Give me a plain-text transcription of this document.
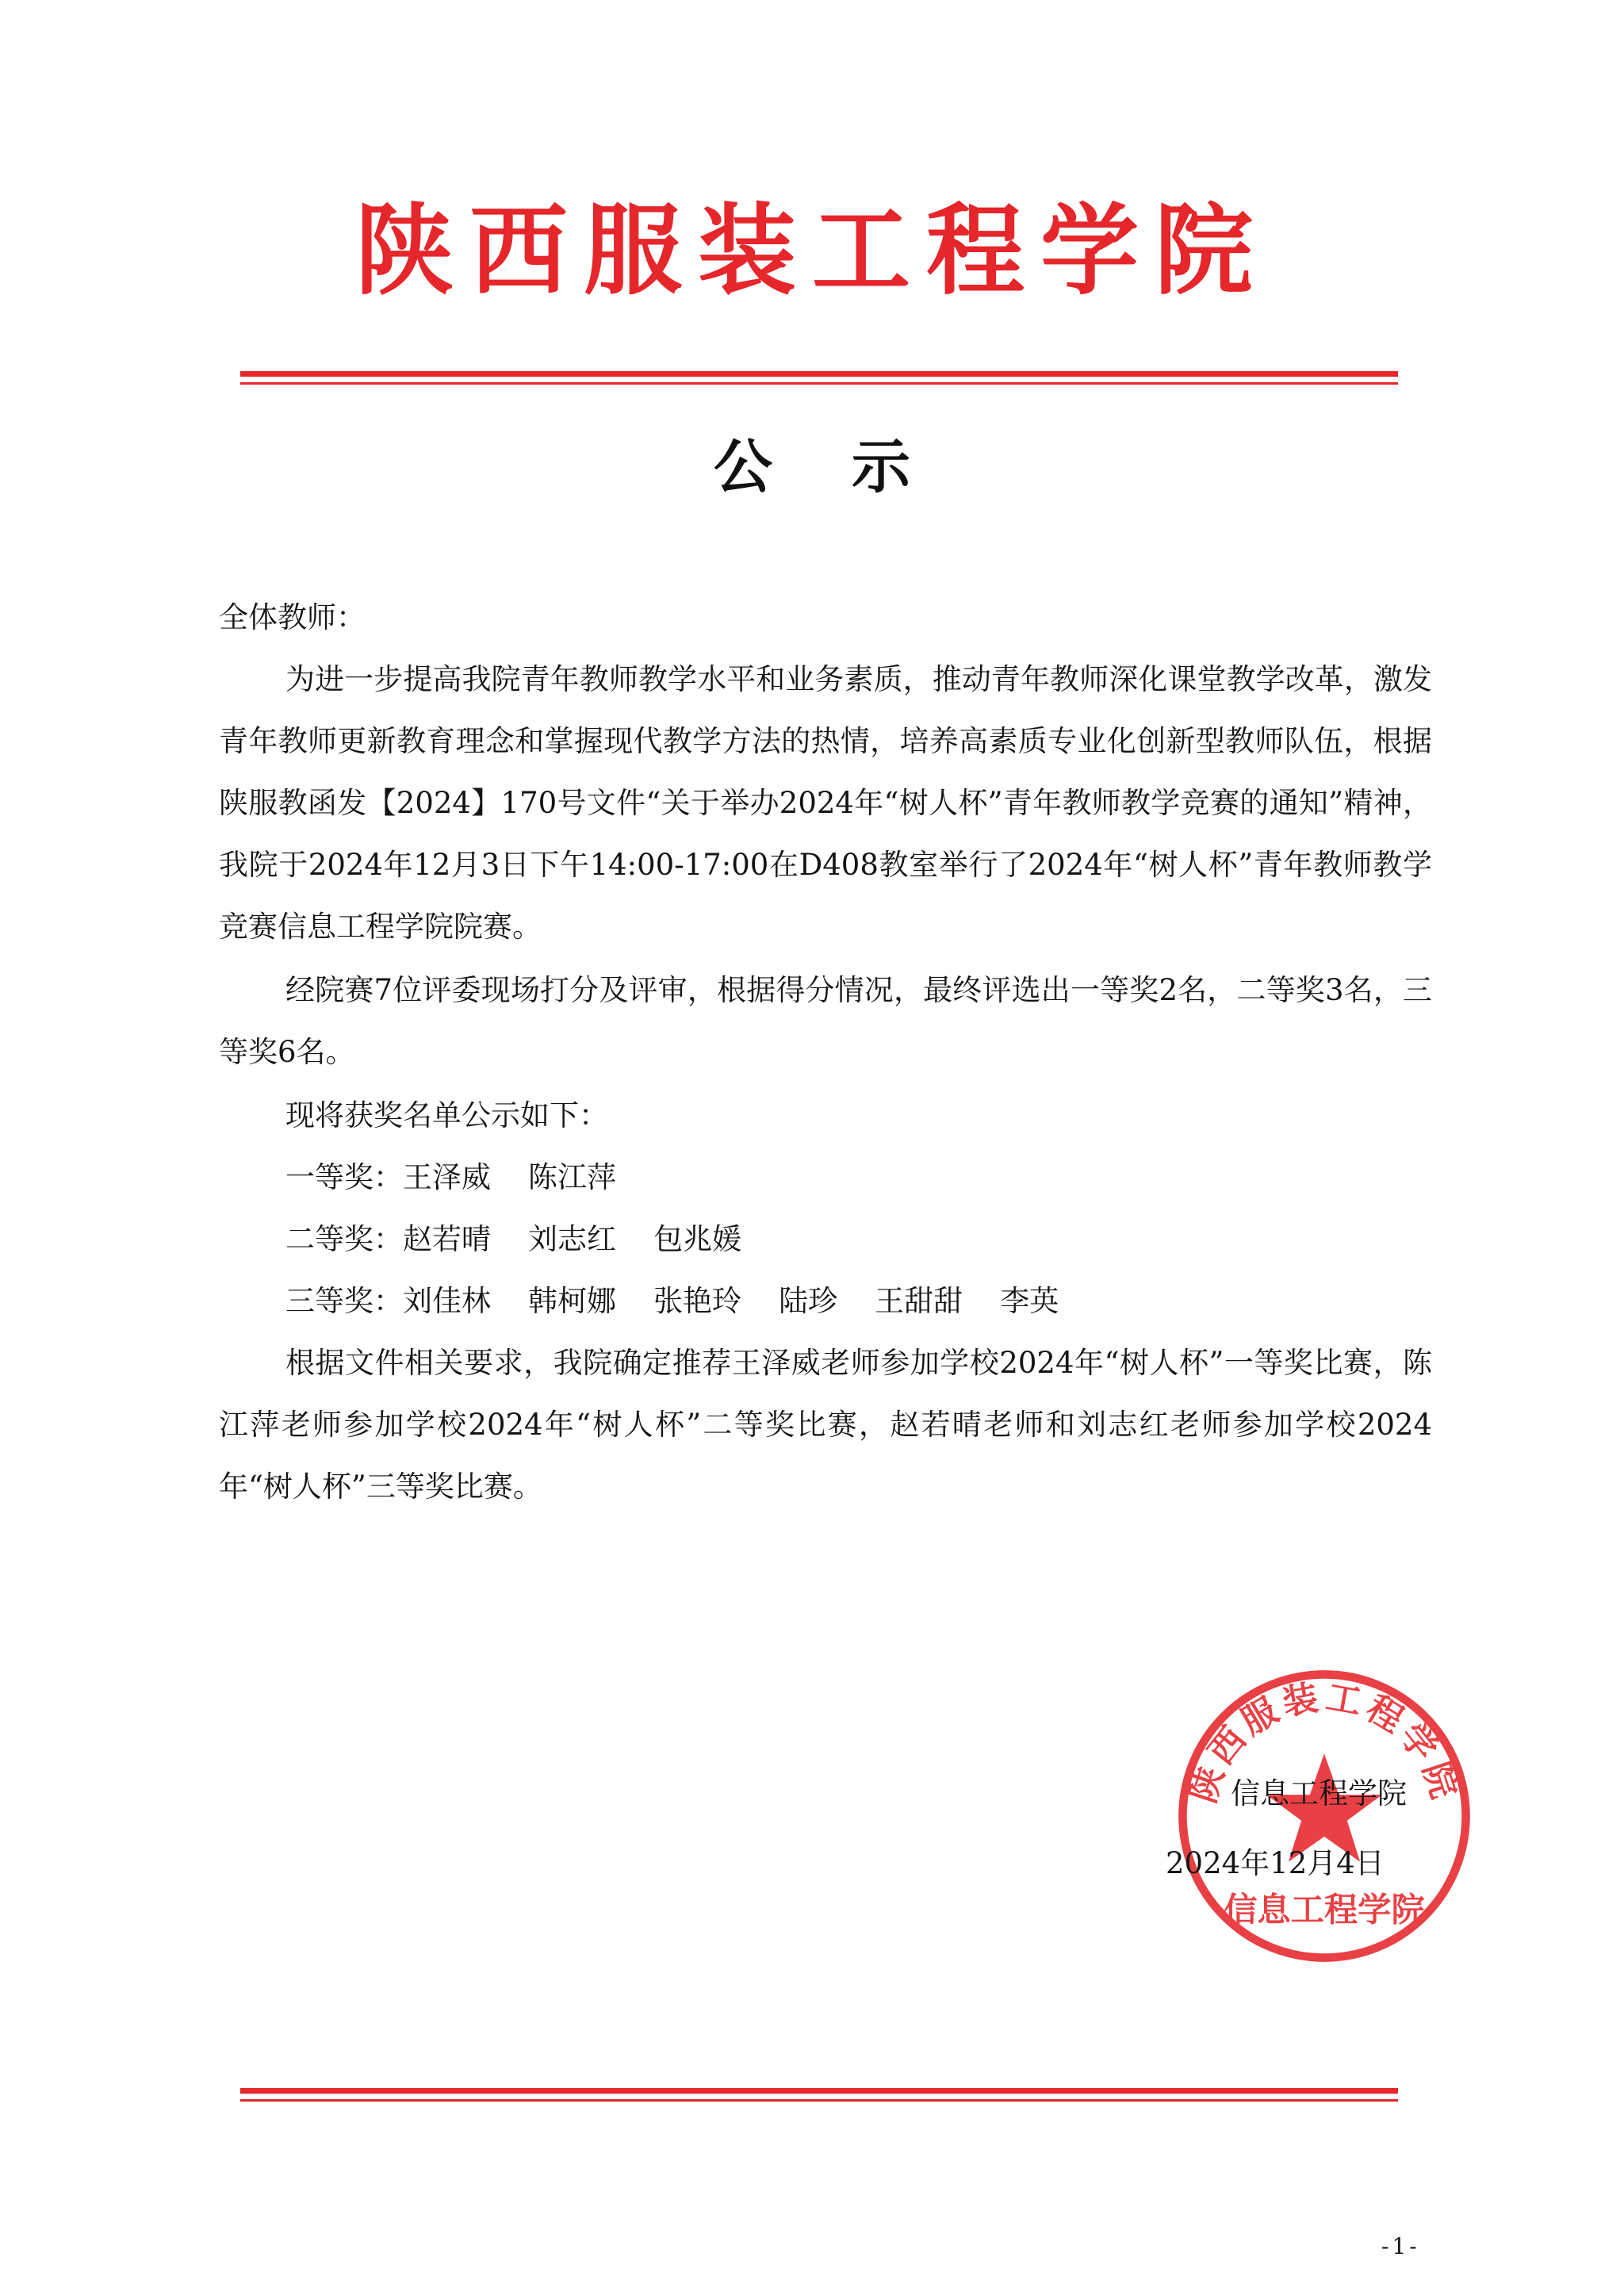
陕西服装工程学院
公示

全体教师：

为进一步提高我院青年教师教学水平和业务素质，推动青年教师深化课堂教学改革，激发青年教师更新教育理念和掌握现代教学方法的热情，培养高素质专业化创新型教师队伍，根据陕服教函发【2024】170号文件“关于举办2024年“树人杯”青年教师教学竞赛的通知”精神，我院于2024年12月3日下午14:00-17:00在D408教室举行了2024年“树人杯”青年教师教学竞赛信息工程学院院赛。

经院赛7位评委现场打分及评审，根据得分情况，最终评选出一等奖2名，二等奖3名，三等奖6名。

现将获奖名单公示如下：

一等奖：王泽威    陈江萍
二等奖：赵若晴    刘志红    包兆媛
三等奖：刘佳林    韩柯娜    张艳玲    陆珍    王甜甜    李英

根据文件相关要求，我院确定推荐王泽威老师参加学校2024年“树人杯”一等奖比赛，陈江萍老师参加学校2024年“树人杯”二等奖比赛，赵若晴老师和刘志红老师参加学校2024年“树人杯”三等奖比赛。

陕西服装工程学院
信息工程学院
信息工程学院
2024年12月4日
-1-
